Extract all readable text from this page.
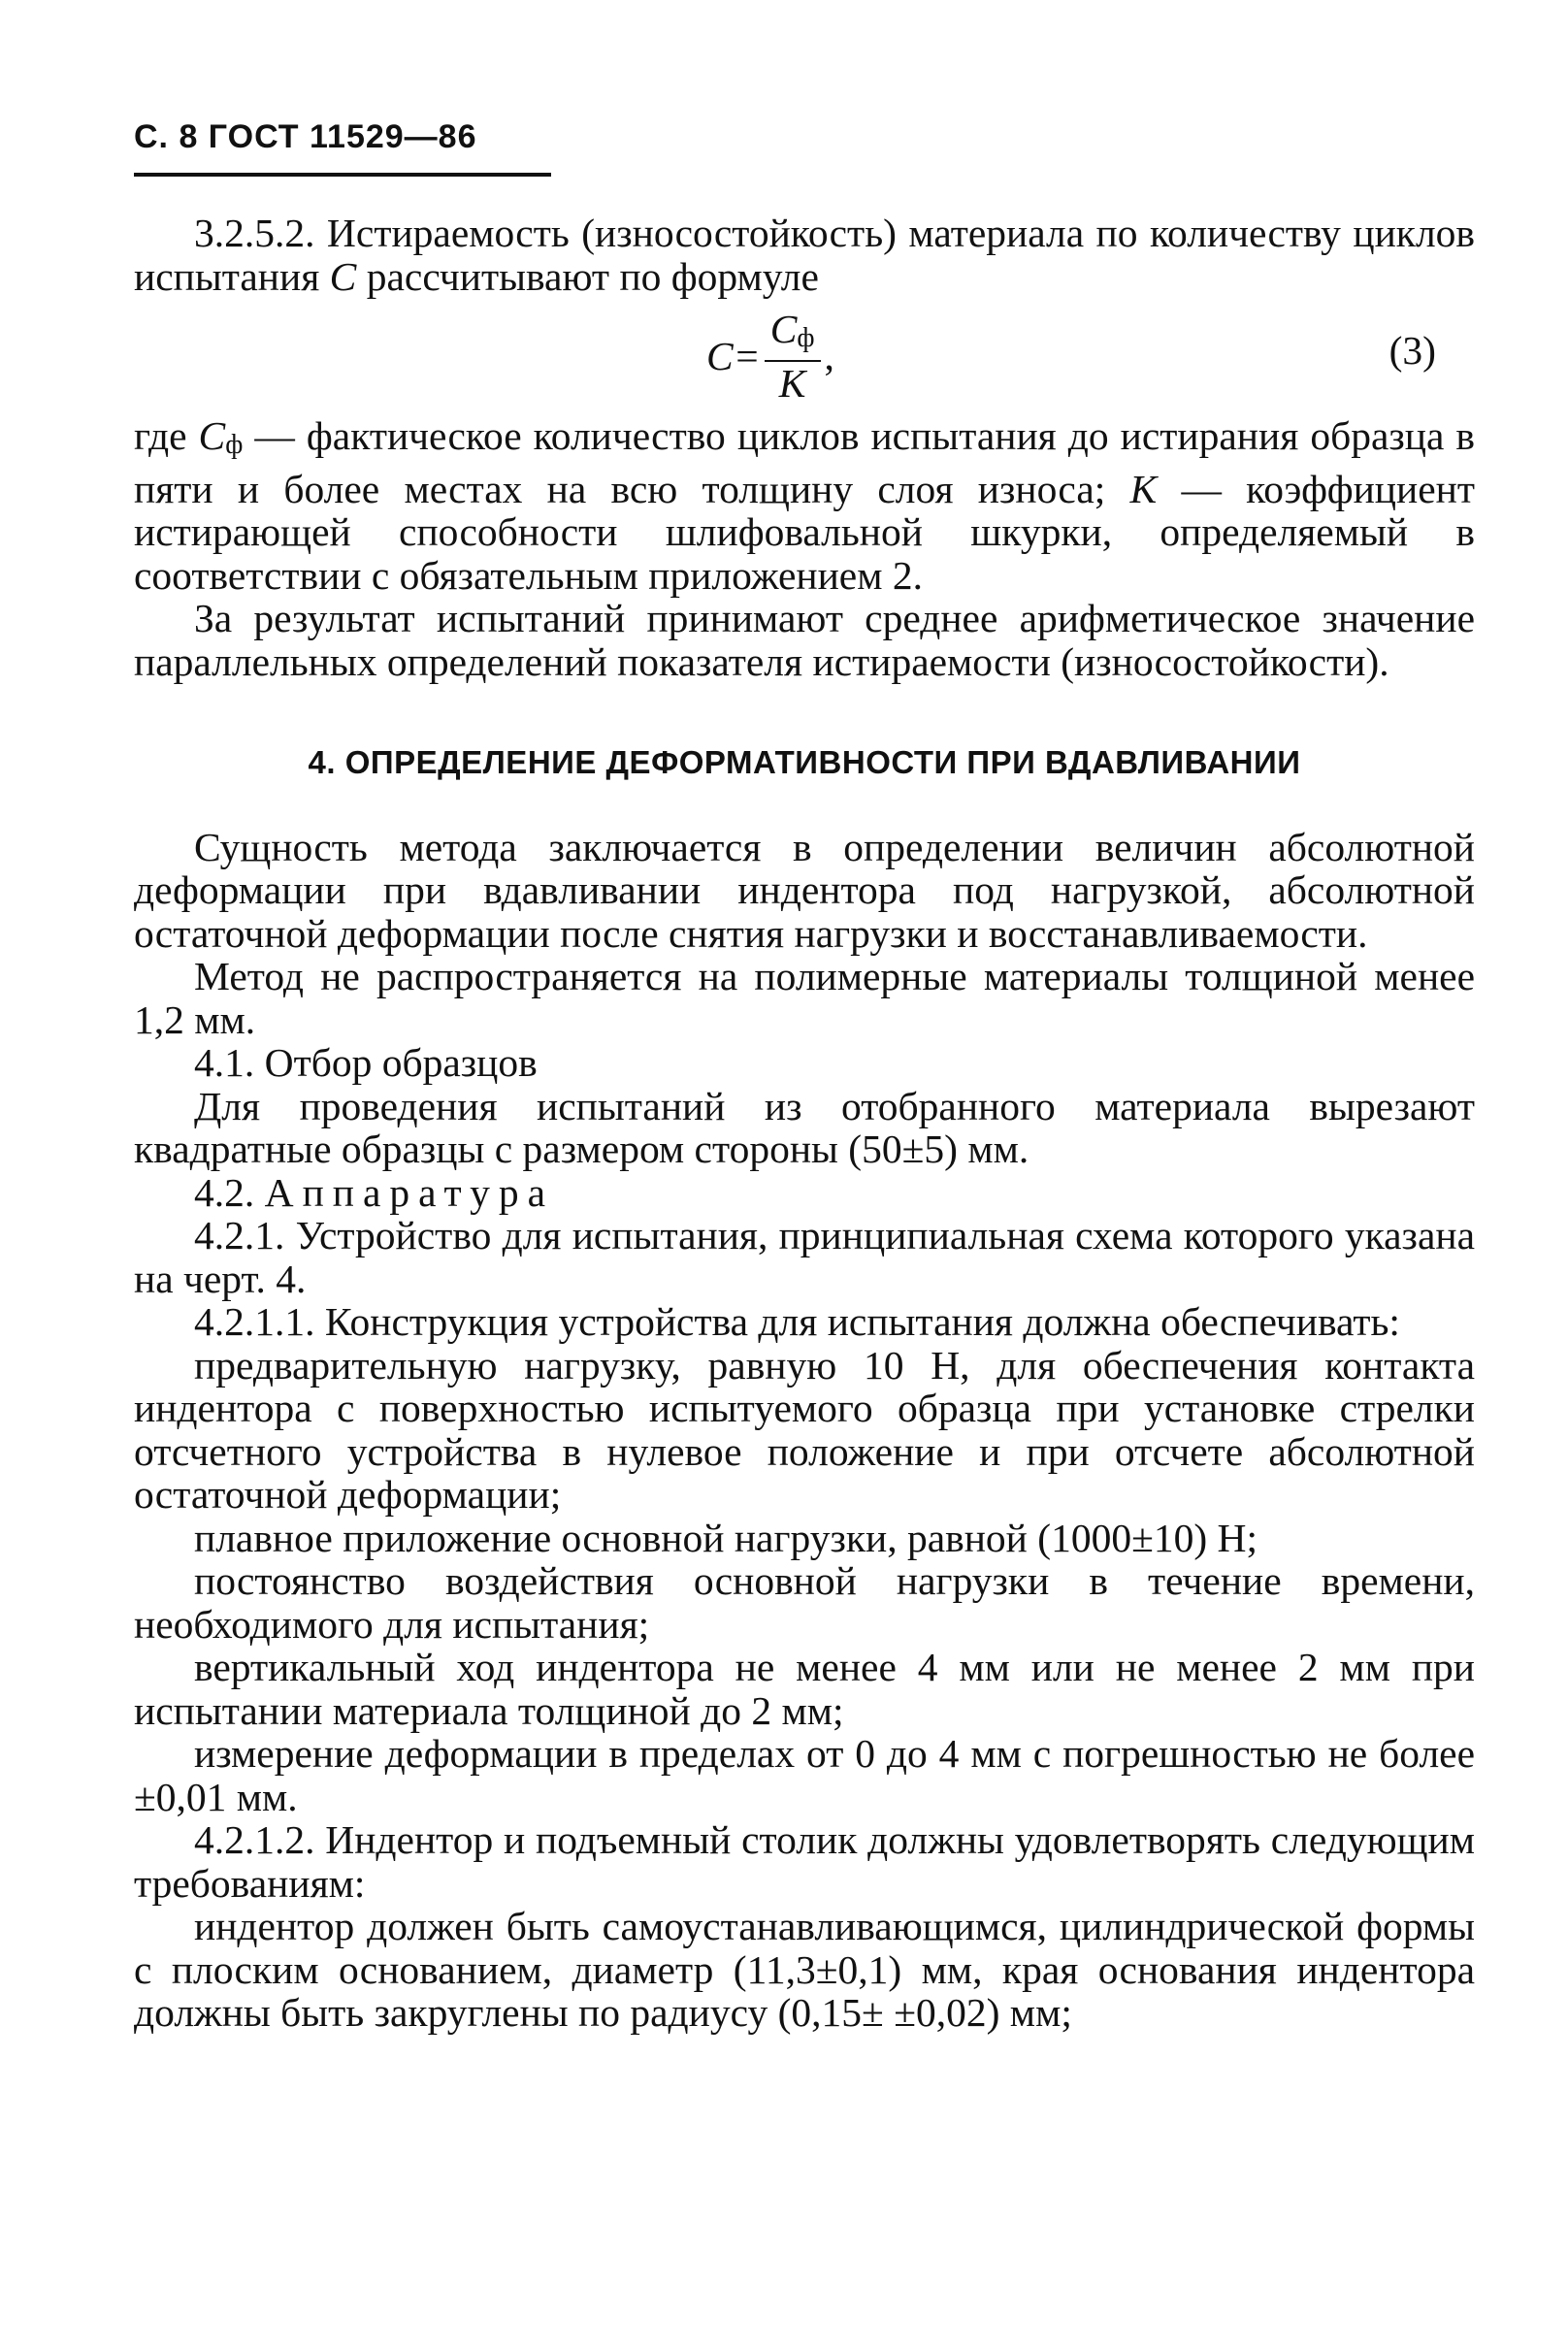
С. 8 ГОСТ 11529—86

3.2.5.2. Истираемость (износостойкость) материала по количеству циклов испытания C рассчитывают по формуле

$C= \frac{Cф}{K}$ ,	(3)

где Cф — фактическое количество циклов испытания до истирания образца в пяти и более местах на всю толщину слоя износа; K — коэффициент истирающей способности шлифовальной шкурки, определяемый в соответствии с обязательным приложением 2.

За результат испытаний принимают среднее арифметическое значение параллельных определений показателя истираемости (износостойкости).

4. ОПРЕДЕЛЕНИЕ ДЕФОРМАТИВНОСТИ ПРИ ВДАВЛИВАНИИ

Сущность метода заключается в определении величин абсолютной деформации при вдавливании индентора под нагрузкой, абсолютной остаточной деформации после снятия нагрузки и восстанавливаемости.

Метод не распространяется на полимерные материалы толщиной менее 1,2 мм.

4.1. Отбор образцов

Для проведения испытаний из отобранного материала вырезают квадратные образцы с размером стороны (50±5) мм.

4.2. Аппаратура

4.2.1. Устройство для испытания, принципиальная схема которого указана на черт. 4.

4.2.1.1. Конструкция устройства для испытания должна обеспечивать:

предварительную нагрузку, равную 10 Н, для обеспечения контакта индентора с поверхностью испытуемого образца при установке стрелки отсчетного устройства в нулевое положение и при отсчете абсолютной остаточной деформации;

плавное приложение основной нагрузки, равной (1000±10) Н;

постоянство воздействия основной нагрузки в течение времени, необходимого для испытания;

вертикальный ход индентора не менее 4 мм или не менее 2 мм при испытании материала толщиной до 2 мм;

измерение деформации в пределах от 0 до 4 мм с погрешностью не более ±0,01 мм.

4.2.1.2. Индентор и подъемный столик должны удовлетворять следующим требованиям:

индентор должен быть самоустанавливающимся, цилиндрической формы с плоским основанием, диаметр (11,3±0,1) мм, края основания индентора должны быть закруглены по радиусу (0,15± ±0,02) мм;
